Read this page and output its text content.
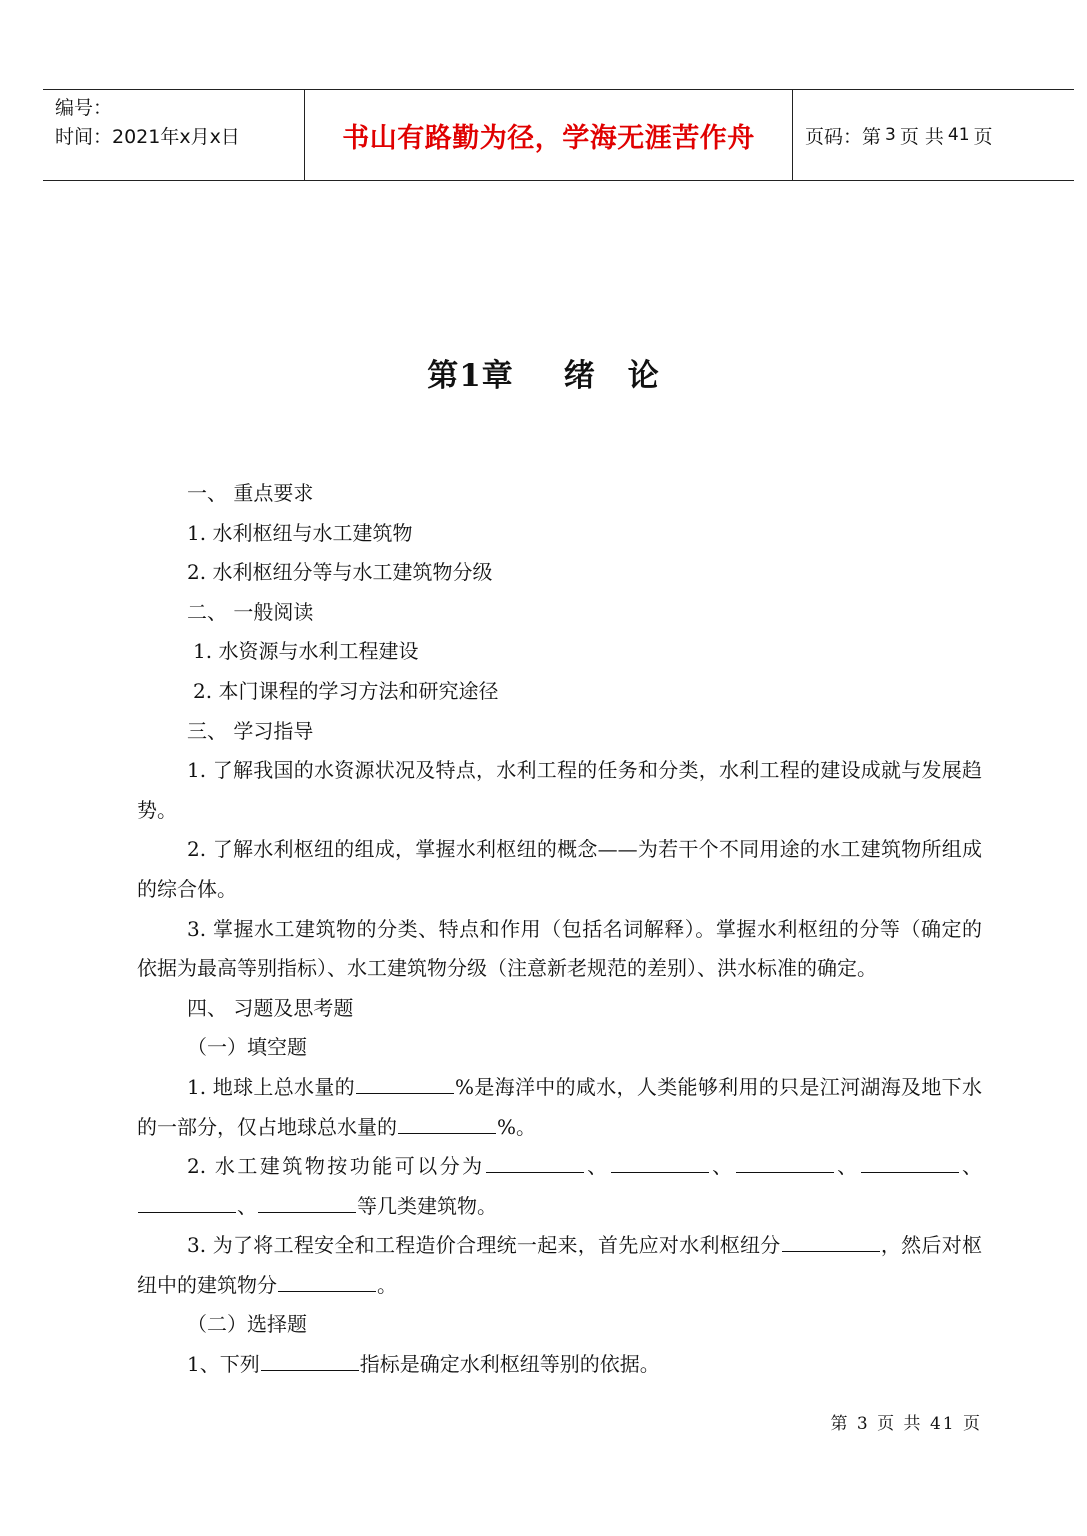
编号：
时间：2021年x月x日	书山有路勤为径，学海无涯苦作舟	页码：第 3 页 共 41 页
第1章 绪　论
一、 重点要求
1. 水利枢纽与水工建筑物
2. 水利枢纽分等与水工建筑物分级
二、 一般阅读
1. 水资源与水利工程建设
2. 本门课程的学习方法和研究途径
三、 学习指导
1. 了解我国的水资源状况及特点，水利工程的任务和分类，水利工程的建设成就与发展趋势。
2. 了解水利枢纽的组成，掌握水利枢纽的概念——为若干个不同用途的水工建筑物所组成的综合体。
3. 掌握水工建筑物的分类、特点和作用（包括名词解释）。掌握水利枢纽的分等（确定的依据为最高等别指标）、水工建筑物分级（注意新老规范的差别）、洪水标准的确定。
四、 习题及思考题
（一）填空题
1. 地球上总水量的	%是海洋中的咸水，人类能够利用的只是江河湖海及地下水的一部分，仅占地球总水量的	%。
2. 水工建筑物按功能可以分为	、	、	、	、、	等几类建筑物。
3. 为了将工程安全和工程造价合理统一起来，首先应对水利枢纽分	，然后对枢纽中的建筑物分	。
（二）选择题
1、下列	指标是确定水利枢纽等别的依据。
第 3 页 共 41 页
